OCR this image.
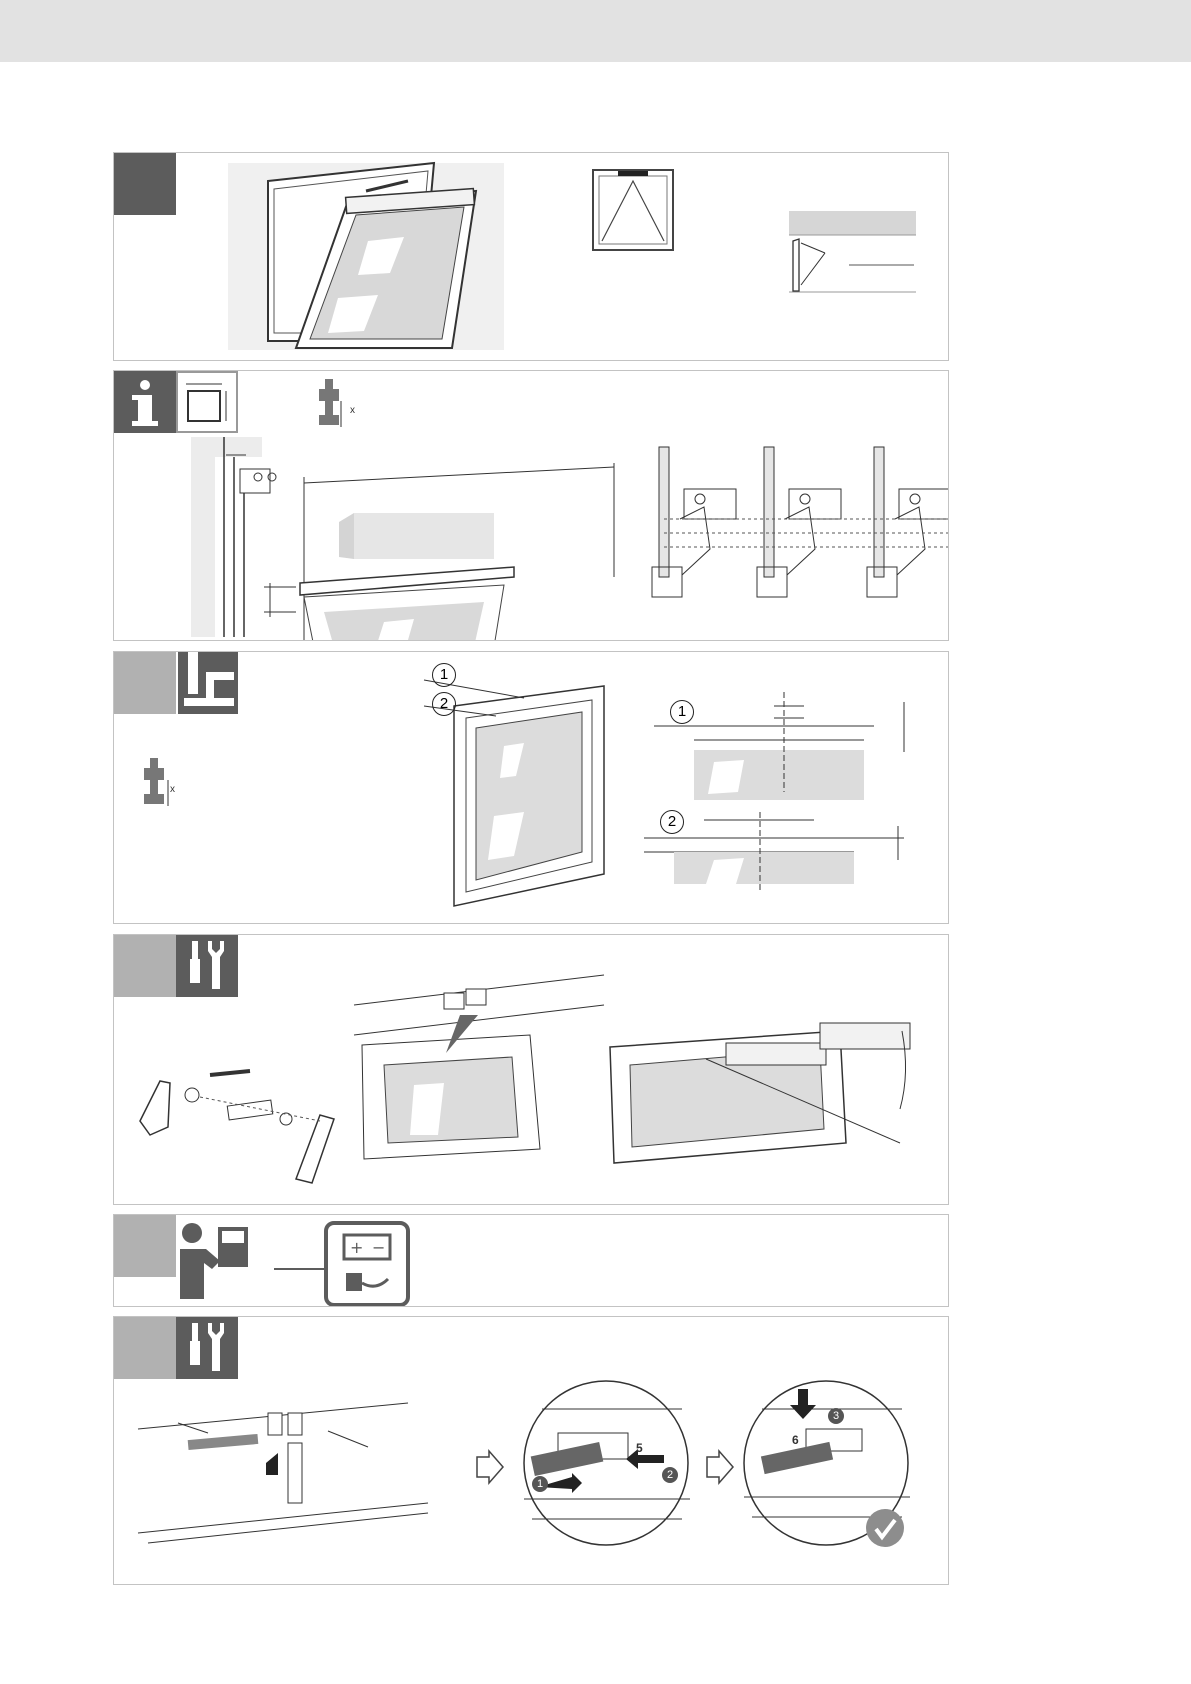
x
x
1
2	1
2
+ −
1
2
5
3
6
